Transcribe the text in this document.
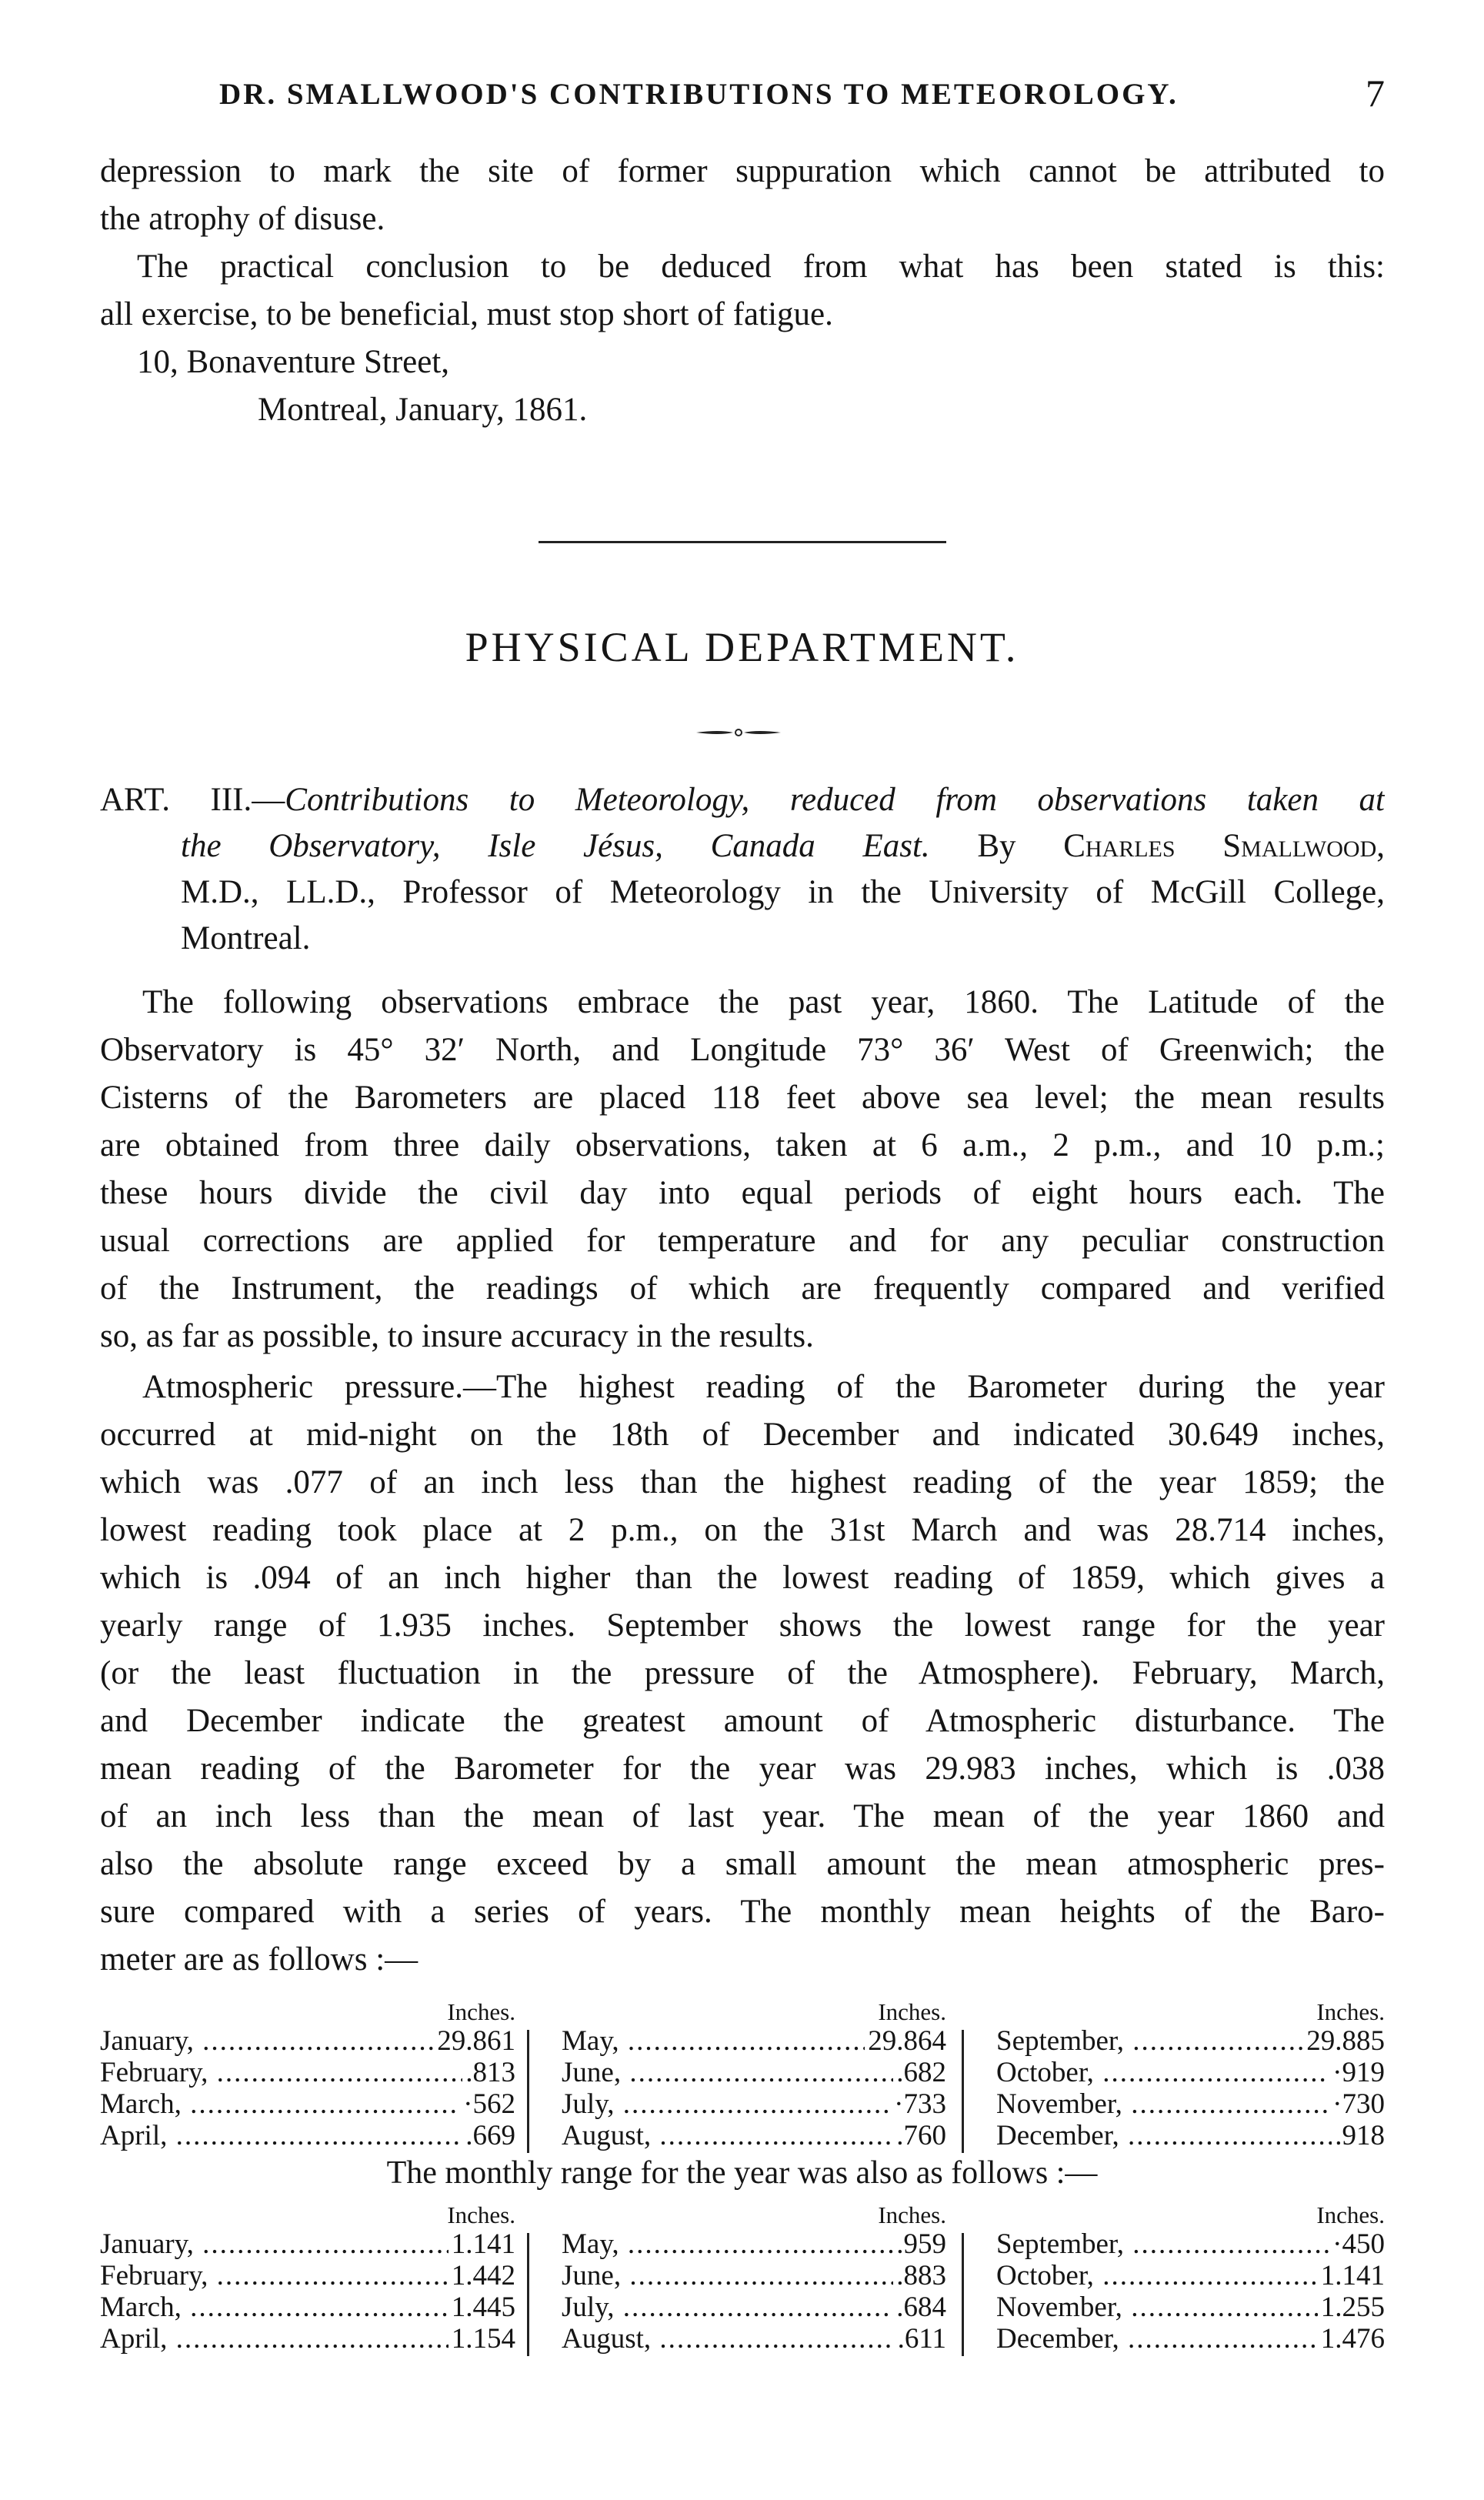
DR. SMALLWOOD'S CONTRIBUTIONS TO METEOROLOGY.	7

depression to mark the site of former suppuration which cannot be attributed to

the atrophy of disuse.

The practical conclusion to be deduced from what has been stated is this:

all exercise, to be beneficial, must stop short of fatigue.

10, Bonaventure Street,

Montreal, January, 1861.

PHYSICAL DEPARTMENT.

ART. III.—Contributions to Meteorology, reduced from observations taken at

the Observatory, Isle Jésus, Canada East. By Charles Smallwood,

M.D., LL.D., Professor of Meteorology in the University of McGill College,

Montreal.

The following observations embrace the past year, 1860. The Latitude of the

Observatory is 45° 32′ North, and Longitude 73° 36′ West of Greenwich; the

Cisterns of the Barometers are placed 118 feet above sea level; the mean results

are obtained from three daily observations, taken at 6 a.m., 2 p.m., and 10 p.m.;

these hours divide the civil day into equal periods of eight hours each. The

usual corrections are applied for temperature and for any peculiar construction

of the Instrument, the readings of which are frequently compared and verified

so, as far as possible, to insure accuracy in the results.

Atmospheric pressure.—The highest reading of the Barometer during the year

occurred at mid-night on the 18th of December and indicated 30.649 inches,

which was .077 of an inch less than the highest reading of the year 1859; the

lowest reading took place at 2 p.m., on the 31st March and was 28.714 inches,

which is .094 of an inch higher than the lowest reading of 1859, which gives a

yearly range of 1.935 inches. September shows the lowest range for the year

(or the least fluctuation in the pressure of the Atmosphere). February, March,

and December indicate the greatest amount of Atmospheric disturbance. The

mean reading of the Barometer for the year was 29.983 inches, which is .038

of an inch less than the mean of last year. The mean of the year 1860 and

also the absolute range exceed by a small amount the mean atmospheric pres-

sure compared with a series of years. The monthly mean heights of the Baro-

meter are as follows :—

Inches.
January, .....	29.861
February, .....	.813
March, .....	·562
April, .....	.669
Inches.
May, .....	29.864
June, .....	.682
July, .....	·733
August, .....	.760
Inches.
September, .....	29.885
October, .....	·919
November, .....	·730
December, .....	.918
The monthly range for the year was also as follows :—
Inches.
January, .....	1.141
February, .....	1.442
March, .....	1.445
April, .....	1.154
Inches.
May, .....	.959
June, .....	.883
July, .....	.684
August, .....	.611
Inches.
September, .....	·450
October, .....	1.141
November, .....	1.255
December, .....	1.476
